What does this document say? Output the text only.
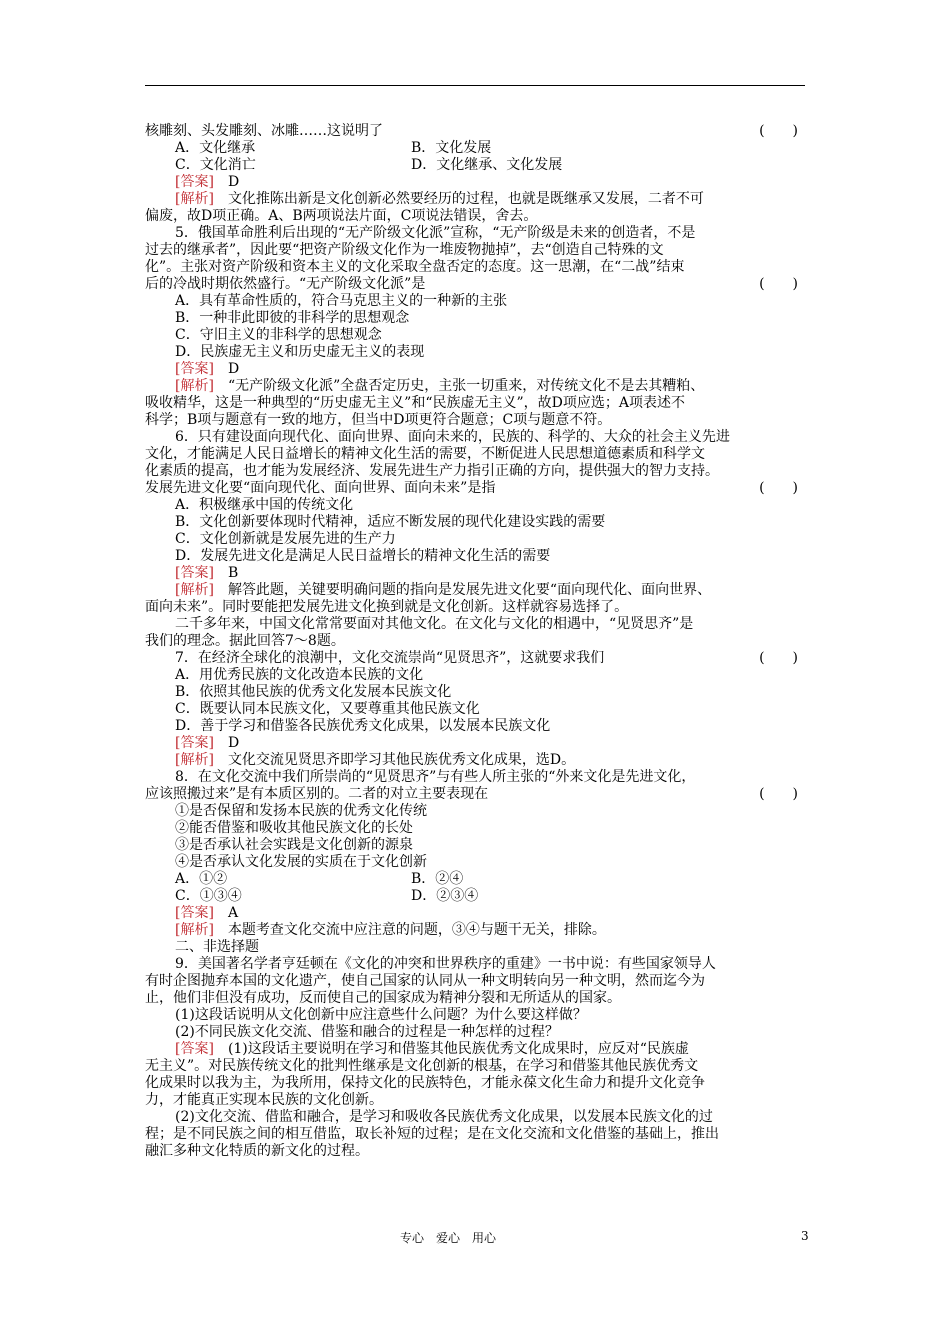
核雕刻、头发雕刻、冰雕……这说明了	(　　)
A．文化继承	B．文化发展
C．文化消亡	D．文化继承、文化发展
[答案]　 D
[解析]　 文化推陈出新是文化创新必然要经历的过程，也就是既继承又发展，二者不可
偏废，故D项正确。A、B两项说法片面，C项说法错误，舍去。
5．俄国革命胜利后出现的“无产阶级文化派”宣称，“无产阶级是未来的创造者，不是
过去的继承者”，因此要“把资产阶级文化作为一堆废物抛掉”，去“创造自己特殊的文
化”。主张对资产阶级和资本主义的文化采取全盘否定的态度。这一思潮，在“二战”结束
后的冷战时期依然盛行。“无产阶级文化派”是	(　　)
A．具有革命性质的，符合马克思主义的一种新的主张
B．一种非此即彼的非科学的思想观念
C．守旧主义的非科学的思想观念
D．民族虚无主义和历史虚无主义的表现
[答案]　 D
[解析]　 “无产阶级文化派”全盘否定历史，主张一切重来，对传统文化不是去其糟粕、
吸收精华，这是一种典型的“历史虚无主义”和“民族虚无主义”，故D项应选；A项表述不
科学；B项与题意有一致的地方，但当中D项更符合题意；C项与题意不符。
6．只有建设面向现代化、面向世界、面向未来的，民族的、科学的、大众的社会主义先进
文化，才能满足人民日益增长的精神文化生活的需要，不断促进人民思想道德素质和科学文
化素质的提高，也才能为发展经济、发展先进生产力指引正确的方向，提供强大的智力支持。
发展先进文化要“面向现代化、面向世界、面向未来”是指	(　　)
A．积极继承中国的传统文化
B．文化创新要体现时代精神，适应不断发展的现代化建设实践的需要
C．文化创新就是发展先进的生产力
D．发展先进文化是满足人民日益增长的精神文化生活的需要
[答案]　 B
[解析]　 解答此题，关键要明确问题的指向是发展先进文化要“面向现代化、面向世界、
面向未来”。同时要能把发展先进文化换到就是文化创新。这样就容易选择了。
二千多年来，中国文化常常要面对其他文化。在文化与文化的相遇中，“见贤思齐”是
我们的理念。据此回答7～8题。
7．在经济全球化的浪潮中，文化交流崇尚“见贤思齐”，这就要求我们	(　　)
A．用优秀民族的文化改造本民族的文化
B．依照其他民族的优秀文化发展本民族文化
C．既要认同本民族文化，又要尊重其他民族文化
D．善于学习和借鉴各民族优秀文化成果，以发展本民族文化
[答案]　 D
[解析]　 文化交流见贤思齐即学习其他民族优秀文化成果，选D。
8．在文化交流中我们所崇尚的“见贤思齐”与有些人所主张的“外来文化是先进文化，
应该照搬过来”是有本质区别的。二者的对立主要表现在	(　　)
①是否保留和发扬本民族的优秀文化传统
②能否借鉴和吸收其他民族文化的长处
③是否承认社会实践是文化创新的源泉
④是否承认文化发展的实质在于文化创新
A．①②	B．②④
C．①③④	D．②③④
[答案]　 A
[解析]　 本题考查文化交流中应注意的问题，③④与题干无关，排除。
二、非选择题
9．美国著名学者亨廷顿在《文化的冲突和世界秩序的重建》一书中说：有些国家领导人
有时企图抛弃本国的文化遗产，使自己国家的认同从一种文明转向另一种文明，然而迄今为
止，他们非但没有成功，反而使自己的国家成为精神分裂和无所适从的国家。
(1)这段话说明从文化创新中应注意些什么问题？为什么要这样做？
(2)不同民族文化交流、借鉴和融合的过程是一种怎样的过程？
[答案]　 (1)这段话主要说明在学习和借鉴其他民族优秀文化成果时，应反对“民族虚
无主义”。对民族传统文化的批判性继承是文化创新的根基，在学习和借鉴其他民族优秀文
化成果时以我为主，为我所用，保持文化的民族特色，才能永葆文化生命力和提升文化竞争
力，才能真正实现本民族的文化创新。
(2)文化交流、借监和融合，是学习和吸收各民族优秀文化成果，以发展本民族文化的过
程；是不同民族之间的相互借监，取长补短的过程；是在文化交流和文化借鉴的基础上，推出
融汇多种文化特质的新文化的过程。
专心　爱心　用心	3
